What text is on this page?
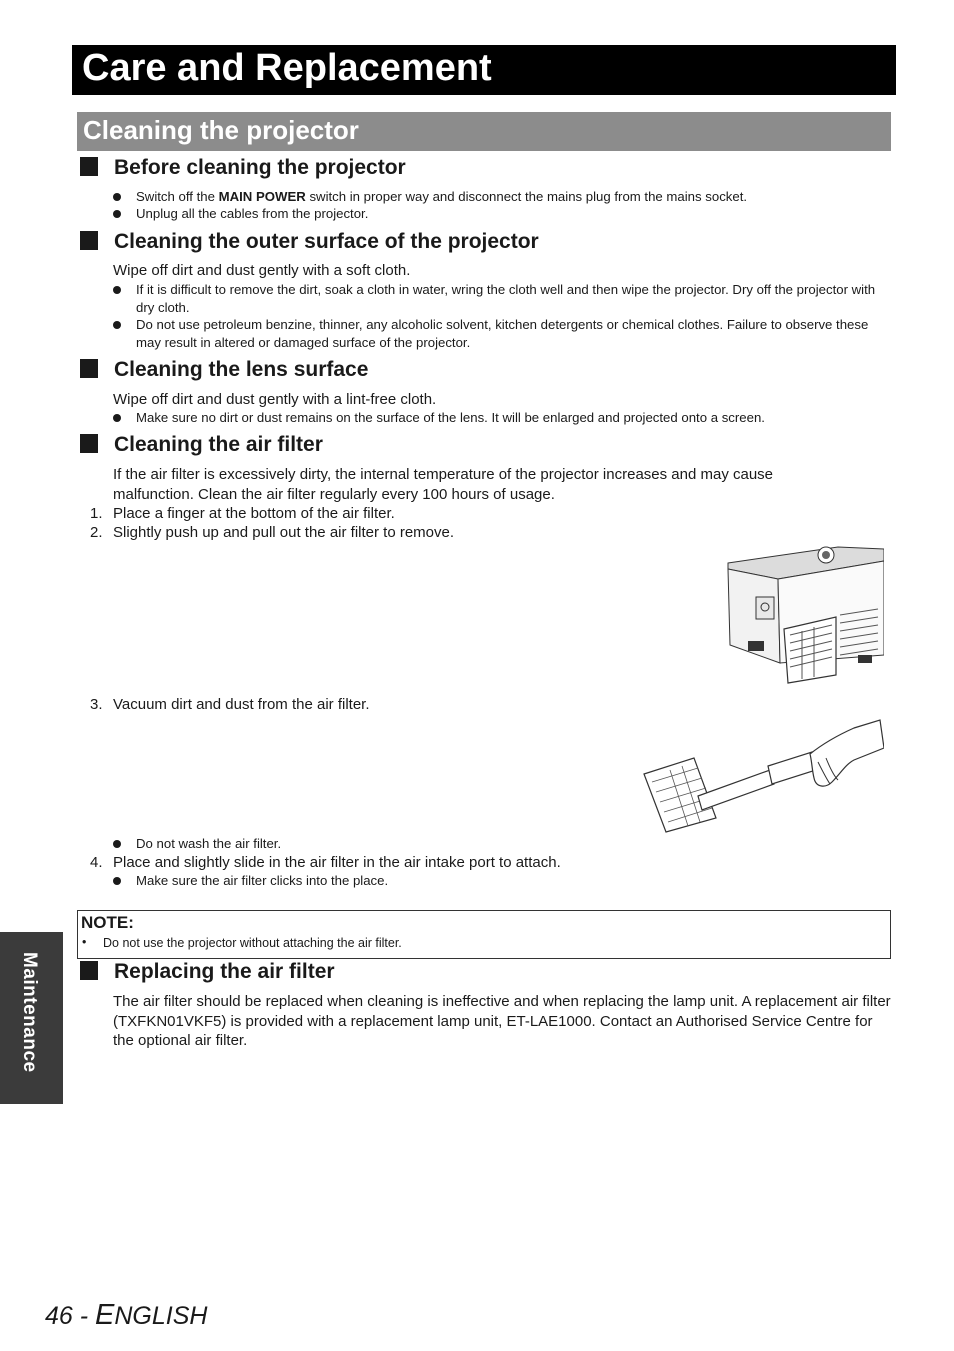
Care and Replacement
Cleaning the projector
Before cleaning the projector
Switch off the MAIN POWER switch in proper way and disconnect the mains plug from the mains socket.
Unplug all the cables from the projector.
Cleaning the outer surface of the projector
Wipe off dirt and dust gently with a soft cloth.
If it is difficult to remove the dirt, soak a cloth in water, wring the cloth well and then wipe the projector. Dry off the projector with dry cloth.
Do not use petroleum benzine, thinner, any alcoholic solvent, kitchen detergents or chemical clothes. Failure to observe these may result in altered or damaged surface of the projector.
Cleaning the lens surface
Wipe off dirt and dust gently with a lint-free cloth.
Make sure no dirt or dust remains on the surface of the lens. It will be enlarged and projected onto a screen.
Cleaning the air filter
If the air filter is excessively dirty, the internal temperature of the projector increases and may cause malfunction. Clean the air filter regularly every 100 hours of usage.
1. Place a finger at the bottom of the air filter.
2. Slightly push up and pull out the air filter to remove.
3. Vacuum dirt and dust from the air filter.
Do not wash the air filter.
4. Place and slightly slide in the air filter in the air intake port to attach.
Make sure the air filter clicks into the place.
NOTE:
• Do not use the projector without attaching the air filter.
Replacing the air filter
The air filter should be replaced when cleaning is ineffective and when replacing the lamp unit. A replacement air filter (TXFKN01VKF5) is provided with a replacement lamp unit, ET-LAE1000. Contact an Authorised Service Centre for the optional air filter.
Maintenance
46 - ENGLISH
